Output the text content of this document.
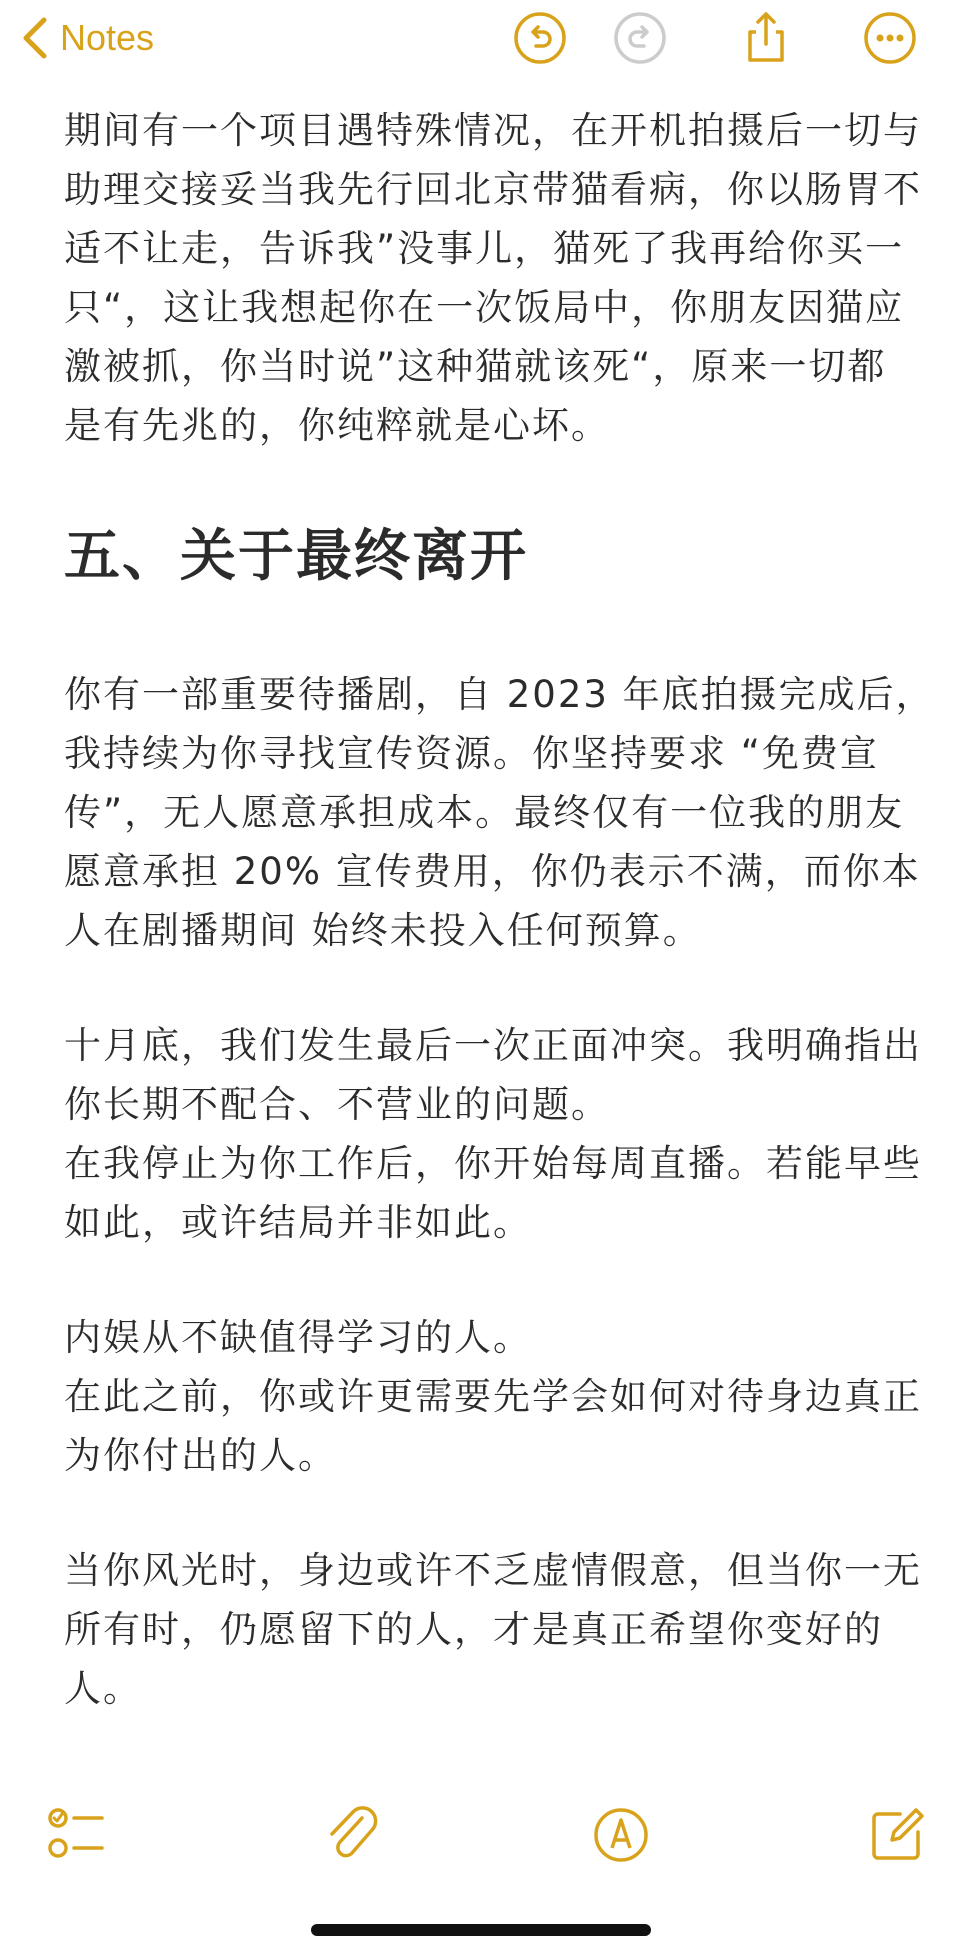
Notes

期间有一个项目遇特殊情况，在开机拍摄后一切与
助理交接妥当我先行回北京带猫看病，你以肠胃不
适不让走，告诉我”没事儿，猫死了我再给你买一
只“，这让我想起你在一次饭局中，你朋友因猫应
激被抓，你当时说”这种猫就该死“，原来一切都
是有先兆的，你纯粹就是心坏。

五、关于最终离开

你有一部重要待播剧，自 2023 年底拍摄完成后，
我持续为你寻找宣传资源。你坚持要求 “免费宣
传”，无人愿意承担成本。最终仅有一位我的朋友
愿意承担 20% 宣传费用，你仍表示不满，而你本
人在剧播期间 始终未投入任何预算。

十月底，我们发生最后一次正面冲突。我明确指出
你长期不配合、不营业的问题。
在我停止为你工作后，你开始每周直播。若能早些
如此，或许结局并非如此。

内娱从不缺值得学习的人。
在此之前，你或许更需要先学会如何对待身边真正
为你付出的人。

当你风光时，身边或许不乏虚情假意，但当你一无
所有时，仍愿留下的人，才是真正希望你变好的
人。
